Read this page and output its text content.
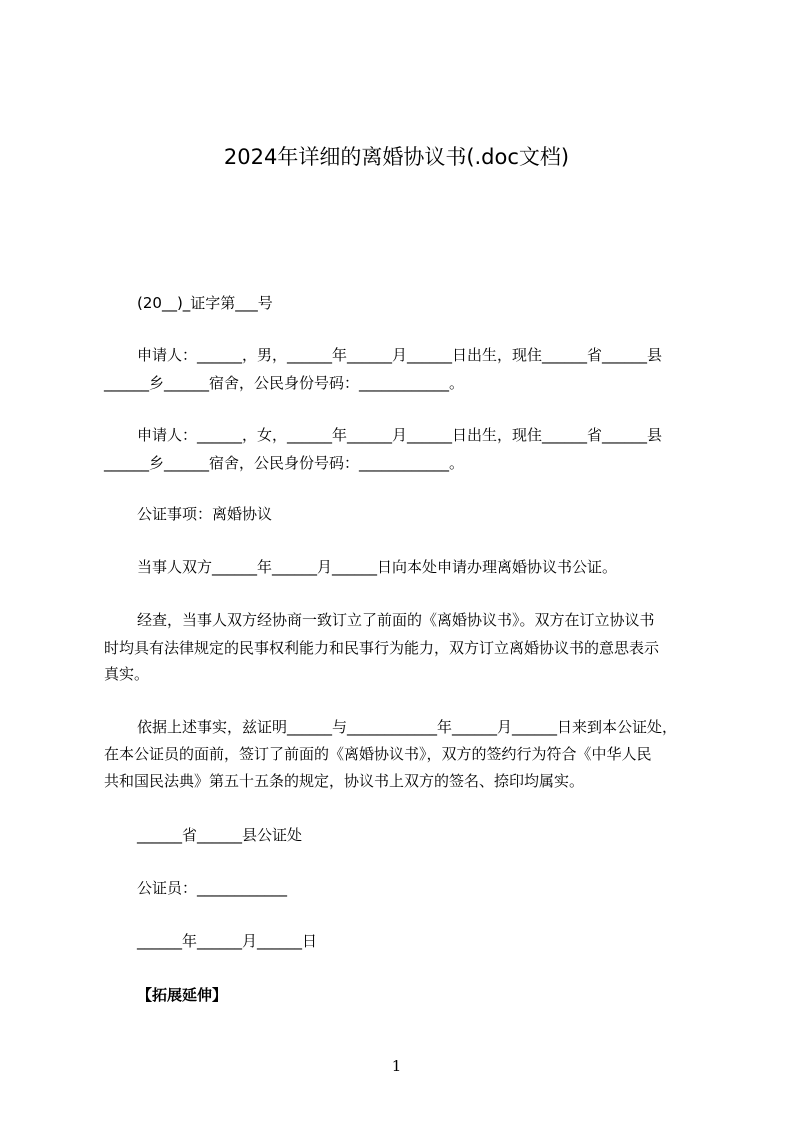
2024年详细的离婚协议书(.doc文档)
(20__)_证字第___号
申请人：______，男，______年______月______日出生，现住______省______县
______乡______宿舍，公民身份号码：____________。
申请人：______，女，______年______月______日出生，现住______省______县
______乡______宿舍，公民身份号码：____________。
公证事项：离婚协议
当事人双方______年______月______日向本处申请办理离婚协议书公证。
经查，当事人双方经协商一致订立了前面的《离婚协议书》。双方在订立协议书
时均具有法律规定的民事权利能力和民事行为能力，双方订立离婚协议书的意思表示
真实。
依据上述事实，兹证明______与____________年______月______日来到本公证处，
在本公证员的面前，签订了前面的《离婚协议书》，双方的签约行为符合《中华人民
共和国民法典》第五十五条的规定，协议书上双方的签名、捺印均属实。
______省______县公证处
公证员：____________
______年______月______日
【拓展延伸】
1
